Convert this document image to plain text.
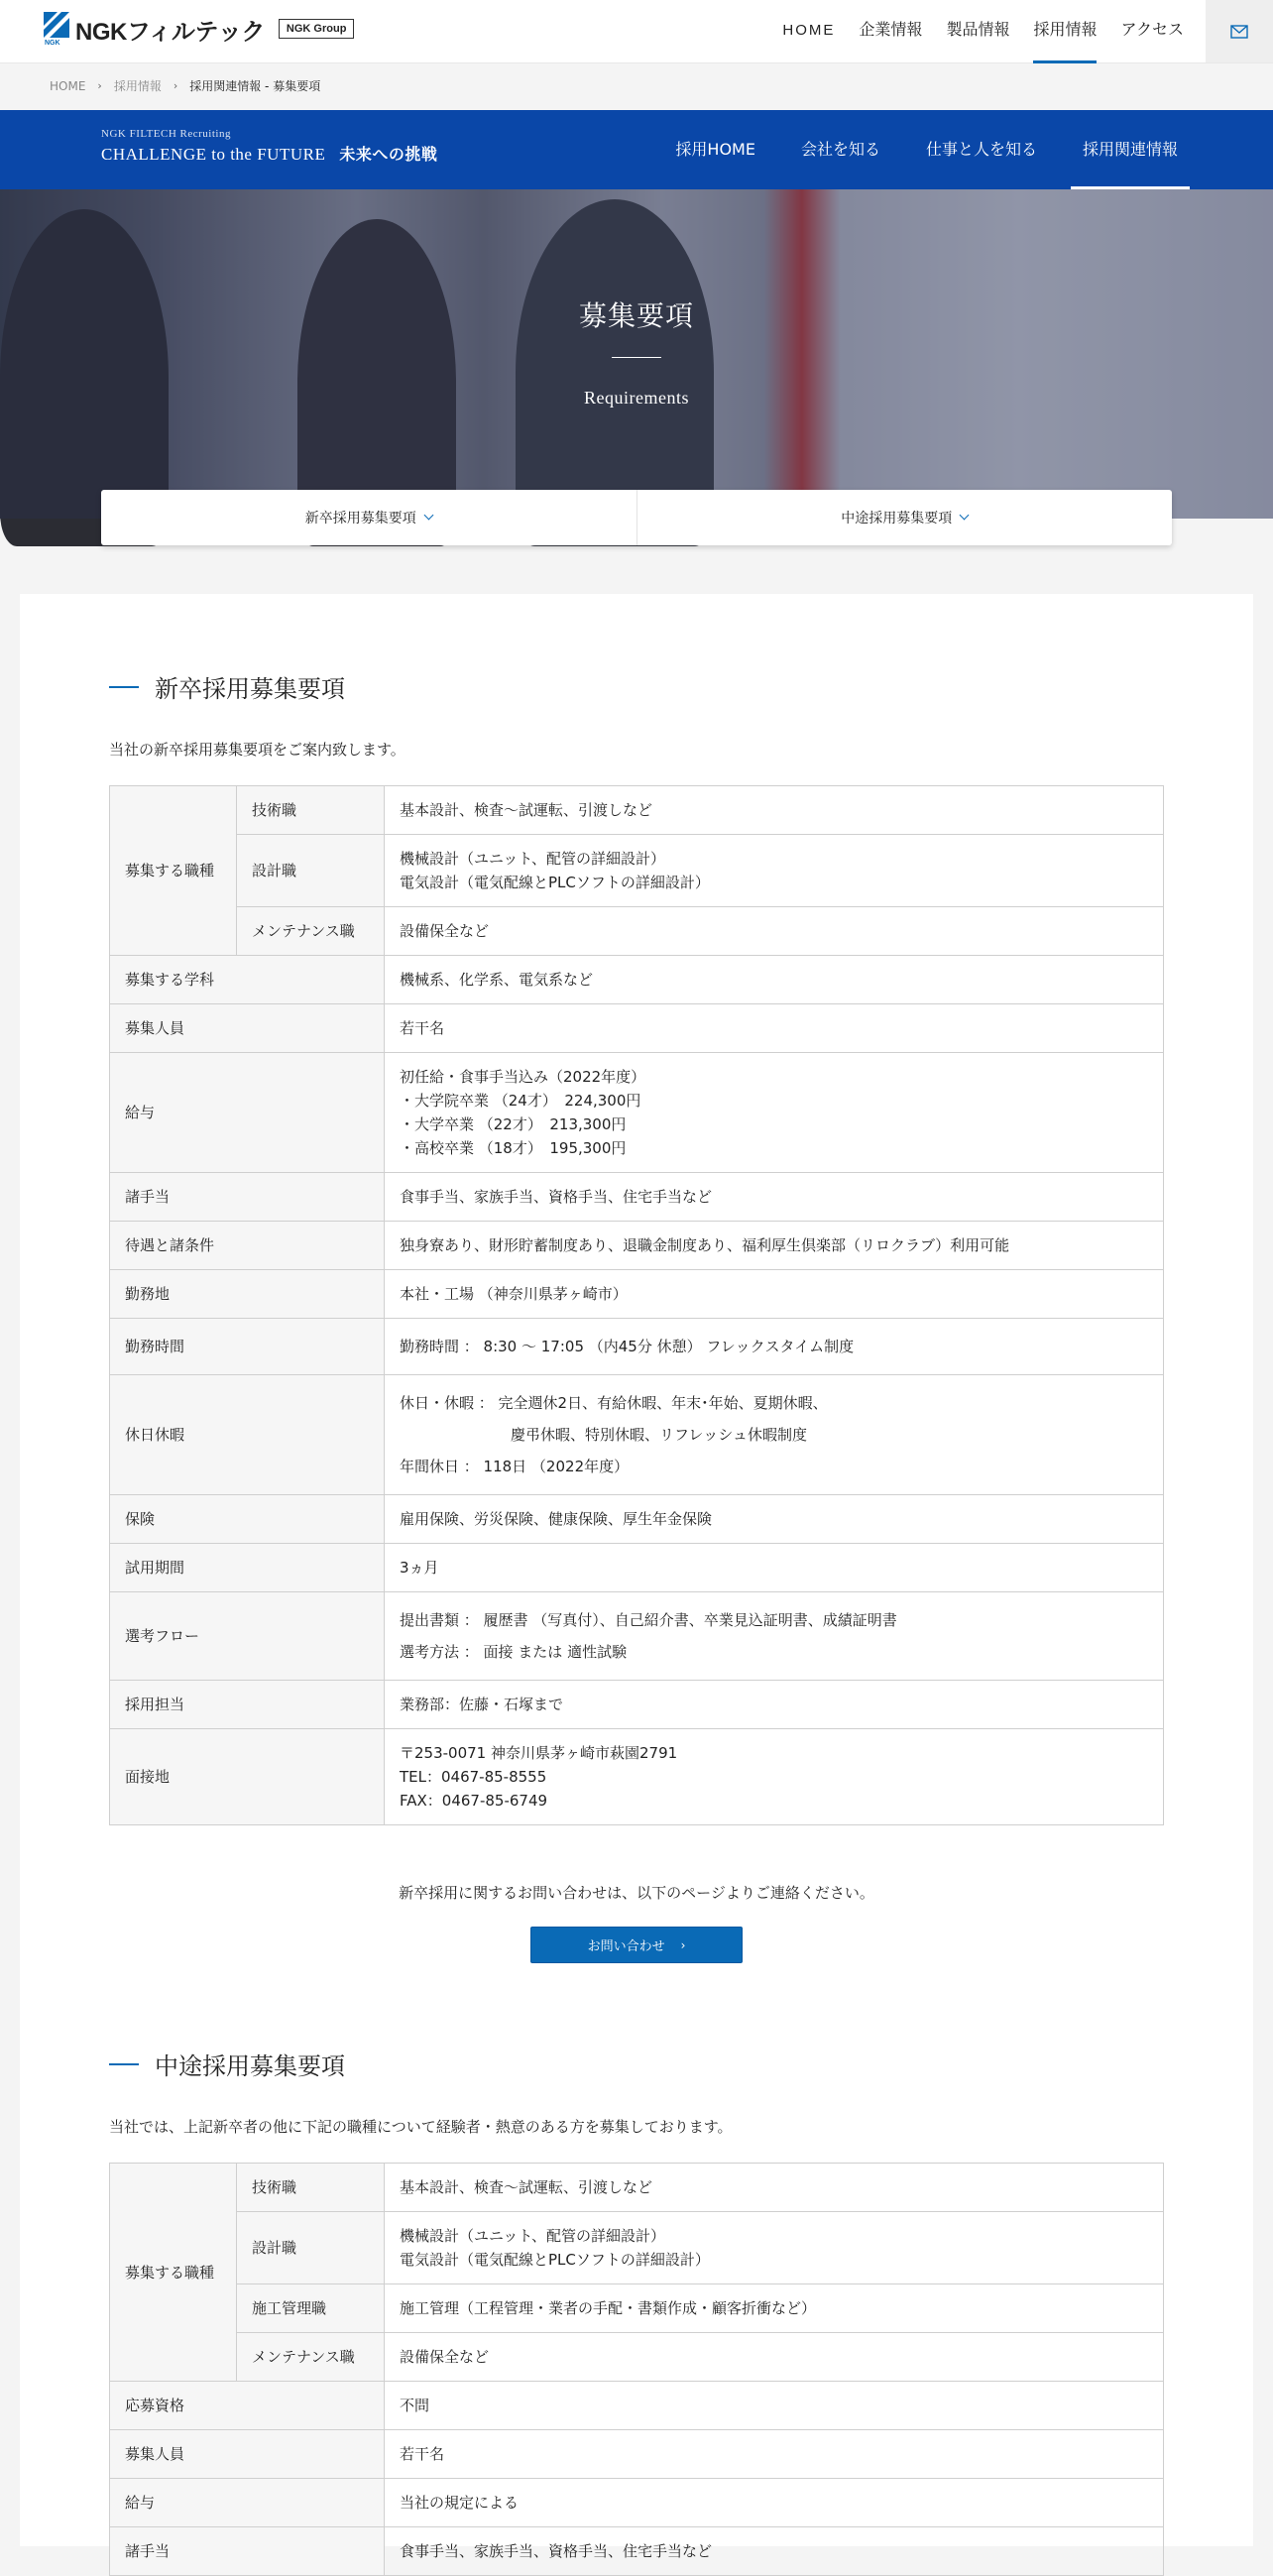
NGK NGKフィルテック	NGK Group	HOME 企業情報 製品情報 採用情報 アクセス
HOME › 採用情報 › 採用関連情報 - 募集要項
NGK FILTECH Recruiting
CHALLENGE to the FUTURE 未来への挑戦	採用HOME	会社を知る	仕事と人を知る	採用関連情報
募集要項
Requirements
新卒採用募集要項	中途採用募集要項
新卒採用募集要項
当社の新卒採用募集要項をご案内致します。
募集する職種	技術職	基本設計、検査～試運転、引渡しなど
	設計職	機械設計（ユニット、配管の詳細設計）
電気設計（電気配線とPLCソフトの詳細設計）

	メンテナンス職	設備保全など
募集する学科		機械系、化学系、電気系など
募集人員		若干名
給与		初任給・食事手当込み（2022年度）
・大学院卒業 （24才）　224,300円
・大学卒業 （22才）　213,300円
・高校卒業 （18才）　195,300円

諸手当		食事手当、家族手当、資格手当、住宅手当など
待遇と諸条件		独身寮あり、財形貯蓄制度あり、退職金制度あり、福利厚生倶楽部（リロクラブ）利用可能
勤務地		本社・工場 （神奈川県茅ヶ崎市）
勤務時間		勤務時間 ： 8:30 ～ 17:05 （内45分 休憩） フレックスタイム制度
休日休暇		休日・休暇 ： 完全週休2日、有給休暇、年末･年始、夏期休暇、
慶弔休暇、特別休暇、リフレッシュ休暇制度
年間休日 ： 118日 （2022年度）

保険		雇用保険、労災保険、健康保険、厚生年金保険
試用期間		3ヵ月
選考フロー		提出書類 ： 履歴書 （写真付）、自己紹介書、卒業見込証明書、成績証明書
選考方法 ： 面接 または 適性試験

採用担当		業務部：佐藤・石塚まで
面接地		〒253-0071 神奈川県茅ヶ崎市萩園2791
TEL：0467-85-8555
FAX：0467-85-6749
新卒採用に関するお問い合わせは、以下のページよりご連絡ください。
お問い合わせ ›
中途採用募集要項
当社では、上記新卒者の他に下記の職種について経験者・熱意のある方を募集しております。
募集する職種	技術職	基本設計、検査～試運転、引渡しなど
	設計職	機械設計（ユニット、配管の詳細設計）
電気設計（電気配線とPLCソフトの詳細設計）

	施工管理職	施工管理（工程管理・業者の手配・書類作成・顧客折衝など）
	メンテナンス職	設備保全など
応募資格		不問
募集人員		若干名
給与		当社の規定による
諸手当		食事手当、家族手当、資格手当、住宅手当など
